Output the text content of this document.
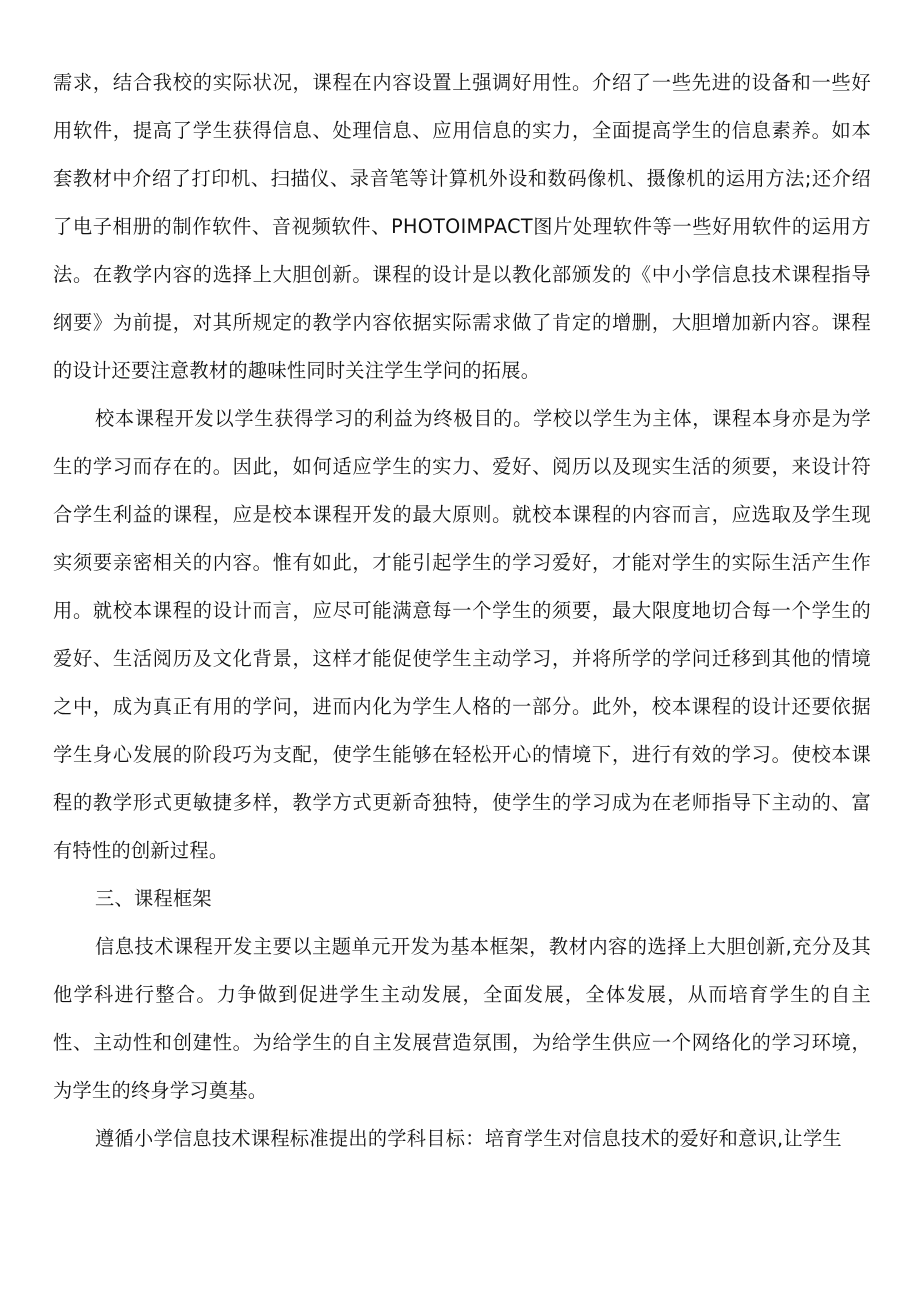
需求，结合我校的实际状况，课程在内容设置上强调好用性。介绍了一些先进的设备和一些好用软件，提高了学生获得信息、处理信息、应用信息的实力，全面提高学生的信息素养。如本套教材中介绍了打印机、扫描仪、录音笔等计算机外设和数码像机、摄像机的运用方法;还介绍了电子相册的制作软件、音视频软件、PHOTOIMPACT图片处理软件等一些好用软件的运用方法。在教学内容的选择上大胆创新。课程的设计是以教化部颁发的《中小学信息技术课程指导纲要》为前提，对其所规定的教学内容依据实际需求做了肯定的增删，大胆增加新内容。课程的设计还要注意教材的趣味性同时关注学生学问的拓展。

校本课程开发以学生获得学习的利益为终极目的。学校以学生为主体，课程本身亦是为学生的学习而存在的。因此，如何适应学生的实力、爱好、阅历以及现实生活的须要，来设计符合学生利益的课程，应是校本课程开发的最大原则。就校本课程的内容而言，应选取及学生现实须要亲密相关的内容。惟有如此，才能引起学生的学习爱好，才能对学生的实际生活产生作用。就校本课程的设计而言，应尽可能满意每一个学生的须要，最大限度地切合每一个学生的爱好、生活阅历及文化背景，这样才能促使学生主动学习，并将所学的学问迁移到其他的情境之中，成为真正有用的学问，进而内化为学生人格的一部分。此外，校本课程的设计还要依据学生身心发展的阶段巧为支配，使学生能够在轻松开心的情境下，进行有效的学习。使校本课程的教学形式更敏捷多样，教学方式更新奇独特，使学生的学习成为在老师指导下主动的、富有特性的创新过程。

三、课程框架

信息技术课程开发主要以主题单元开发为基本框架，教材内容的选择上大胆创新,充分及其他学科进行整合。力争做到促进学生主动发展，全面发展，全体发展，从而培育学生的自主性、主动性和创建性。为给学生的自主发展营造氛围，为给学生供应一个网络化的学习环境，为学生的终身学习奠基。

遵循小学信息技术课程标准提出的学科目标：培育学生对信息技术的爱好和意识,让学生
